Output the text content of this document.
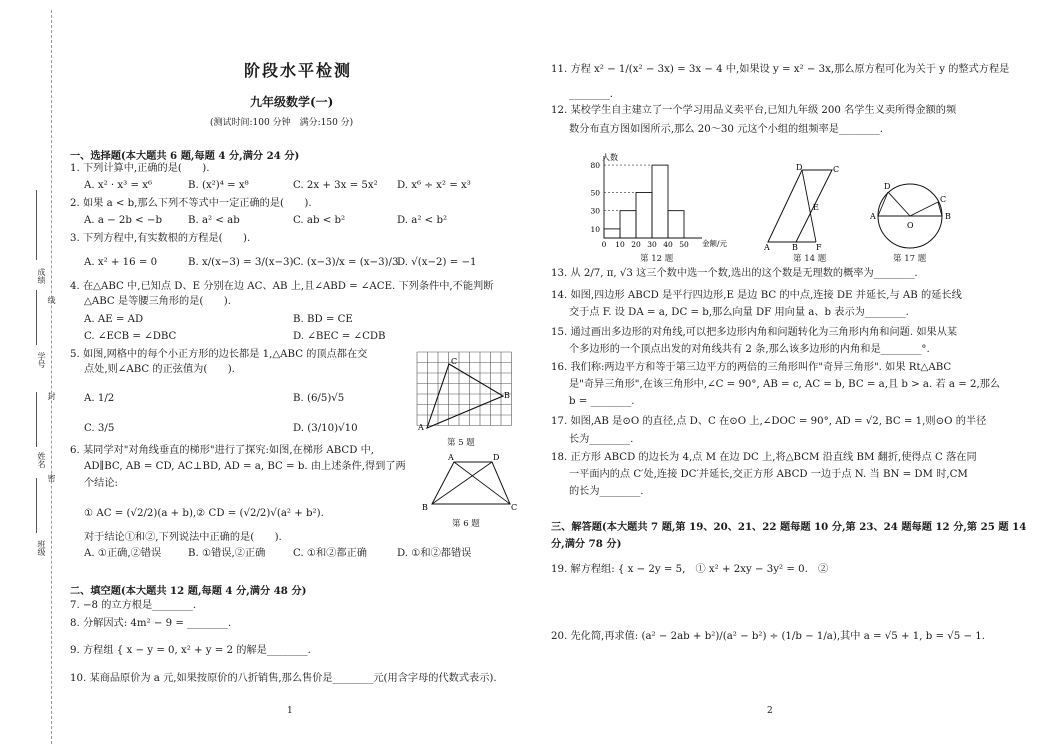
成绩
学号
姓名
班级
线
封
密
阶段水平检测
九年级数学(一)
(测试时间:100 分钟　满分:150 分)
一、选择题(本大题共 6 题,每题 4 分,满分 24 分)
1. 下列计算中,正确的是(　　).
A. x² · x³ = x⁶	B. (x²)⁴ = x⁸	C. 2x + 3x = 5x² D. x⁶ ÷ x² = x³
2. 如果 a < b,那么下列不等式中一定正确的是(　　).
A. a − 2b < −b	B. a² < ab	C. ab < b²	D. a² < b²
3. 下列方程中,有实数根的方程是(　　).
A. x² + 16 = 0	B. x/(x−3) = 3/(x−3) C. (x−3)/x = (x−3)/3
D. √(x−2) = −1
4. 在△ABC 中,已知点 D、E 分别在边 AC、AB 上,且∠ABD = ∠ACE. 下列条件中,不能判断
△ABC 是等腰三角形的是(　　).
A. AE = AD	B. BD = CE
C. ∠ECB = ∠DBC	D. ∠BEC = ∠CDB
5. 如图,网格中的每个小正方形的边长都是 1,△ABC 的顶点都在交
点处,则∠ABC 的正弦值为(　　).
A. 1/2	B. (6/5)√5
C. 3/5	D. (3/10)√10
6. 某同学对"对角线垂直的梯形"进行了探究:如图,在梯形 ABCD 中,
AD∥BC, AB = CD, AC⊥BD, AD = a, BC = b. 由上述条件,得到了两
个结论:
① AC = (√2/2)(a + b),② CD = (√2/2)√(a² + b²).
对于结论①和②,下列说法中正确的是(　　).
A. ①正确,②错误	B. ①错误,②正确	C. ①和②都正确	D. ①和②都错误
二、填空题(本大题共 12 题,每题 4 分,满分 48 分)
7. −8 的立方根是________.
8. 分解因式: 4m² − 9 = ________.
9. 方程组 { x − y = 0, x² + y = 2 的解是________.
10. 某商品原价为 a 元,如果按原价的八折销售,那么售价是________元(用含字母的代数式表示).
11. 方程 x² − 1/(x² − 3x) = 3x − 4 中,如果设 y = x² − 3x,那么原方程可化为关于 y 的整式方程是
________.
12. 某校学生自主建立了一个学习用品义卖平台,已知九年级 200 名学生义卖所得金额的频
数分布直方图如图所示,那么 20～30 元这个小组的组频率是________.
13. 从 2/7, π, √3 这三个数中选一个数,选出的这个数是无理数的概率为________.
14. 如图,四边形 ABCD 是平行四边形,E 是边 BC 的中点,连接 DE 并延长,与 AB 的延长线
交于点 F. 设 DA = a, DC = b,那么向量 DF 用向量 a、b 表示为________.
15. 通过画出多边形的对角线,可以把多边形内角和问题转化为三角形内角和问题. 如果从某
个多边形的一个顶点出发的对角线共有 2 条,那么该多边形的内角和是________°.
16. 我们称:两边平方和等于第三边平方的两倍的三角形叫作"奇异三角形". 如果 Rt△ABC
是"奇异三角形",在该三角形中,∠C = 90°, AB = c, AC = b, BC = a,且 b > a. 若 a = 2,那么
b = ________.
17. 如图,AB 是⊙O 的直径,点 D、C 在⊙O 上,∠DOC = 90°, AD = √2, BC = 1,则⊙O 的半径
长为________.
18. 正方形 ABCD 的边长为 4,点 M 在边 DC 上,将△BCM 沿直线 BM 翻折,使得点 C 落在同
一平面内的点 C′处,连接 DC′并延长,交正方形 ABCD 一边于点 N. 当 BN = DM 时,CM
的长为________.
三、解答题(本大题共 7 题,第 19、20、21、22 题每题 10 分,第 23、24 题每题 12 分,第 25 题 14
分,满分 78 分)
19. 解方程组: { x − 2y = 5,　① x² + 2xy − 3y² = 0.　②
20. 先化简,再求值: (a² − 2ab + b²)/(a² − b²) ÷ (1/b − 1/a),其中 a = √5 + 1, b = √5 − 1.
A
B
C
第 5 题
A	D
B	C
第 6 题
人数
金额/元
80
50
30
10
0 10 20 30 40 50
第 12 题
D	C
E
A	B F
第 14 题
D
C
A	B
O
第 17 题
1	2
